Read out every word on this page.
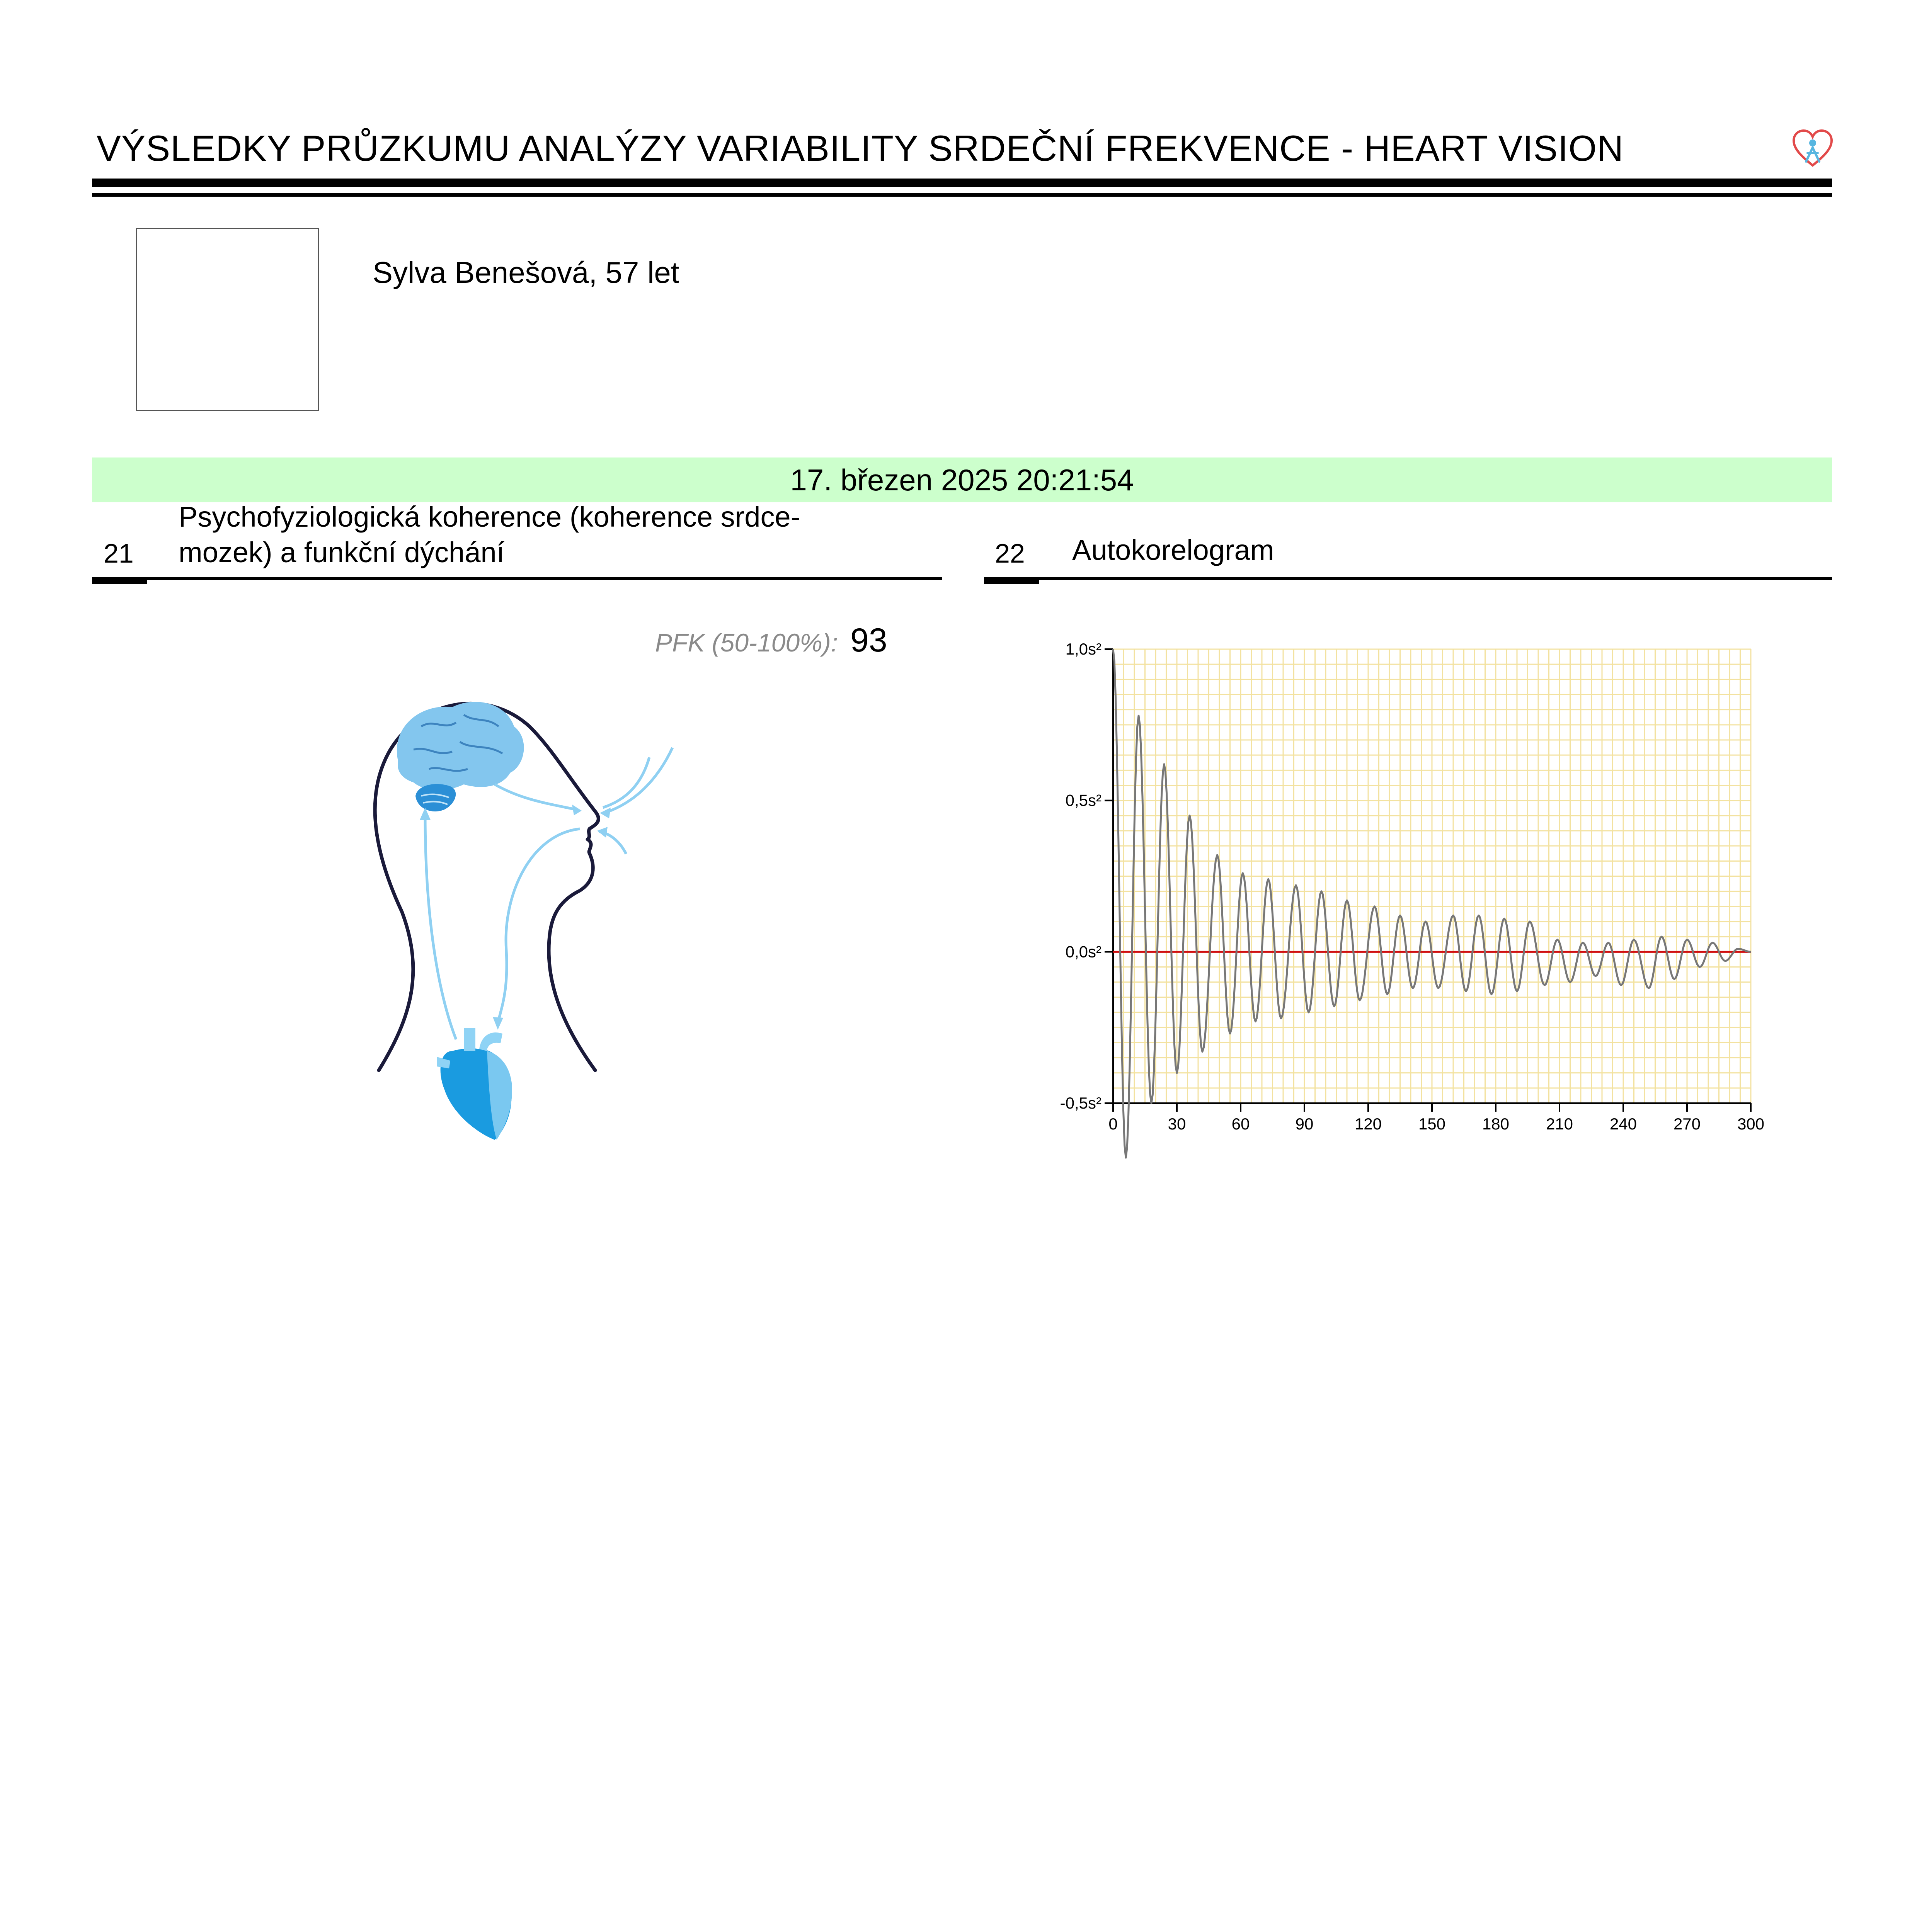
VÝSLEDKY PRŮZKUMU ANALÝZY VARIABILITY SRDEČNÍ FREKVENCE - HEART VISION
Sylva Benešová, 57 let
17. březen 2025 20:21:54
21
Psychofyziologická koherence (koherence srdce-
mozek) a funkční dýchání	22 Autokorelogram
PFK (50-100%): 93	1,0s²
0,5s²
0,0s²
-0,5s²
0	30	60	90	120 150 180 210 240 270 300
